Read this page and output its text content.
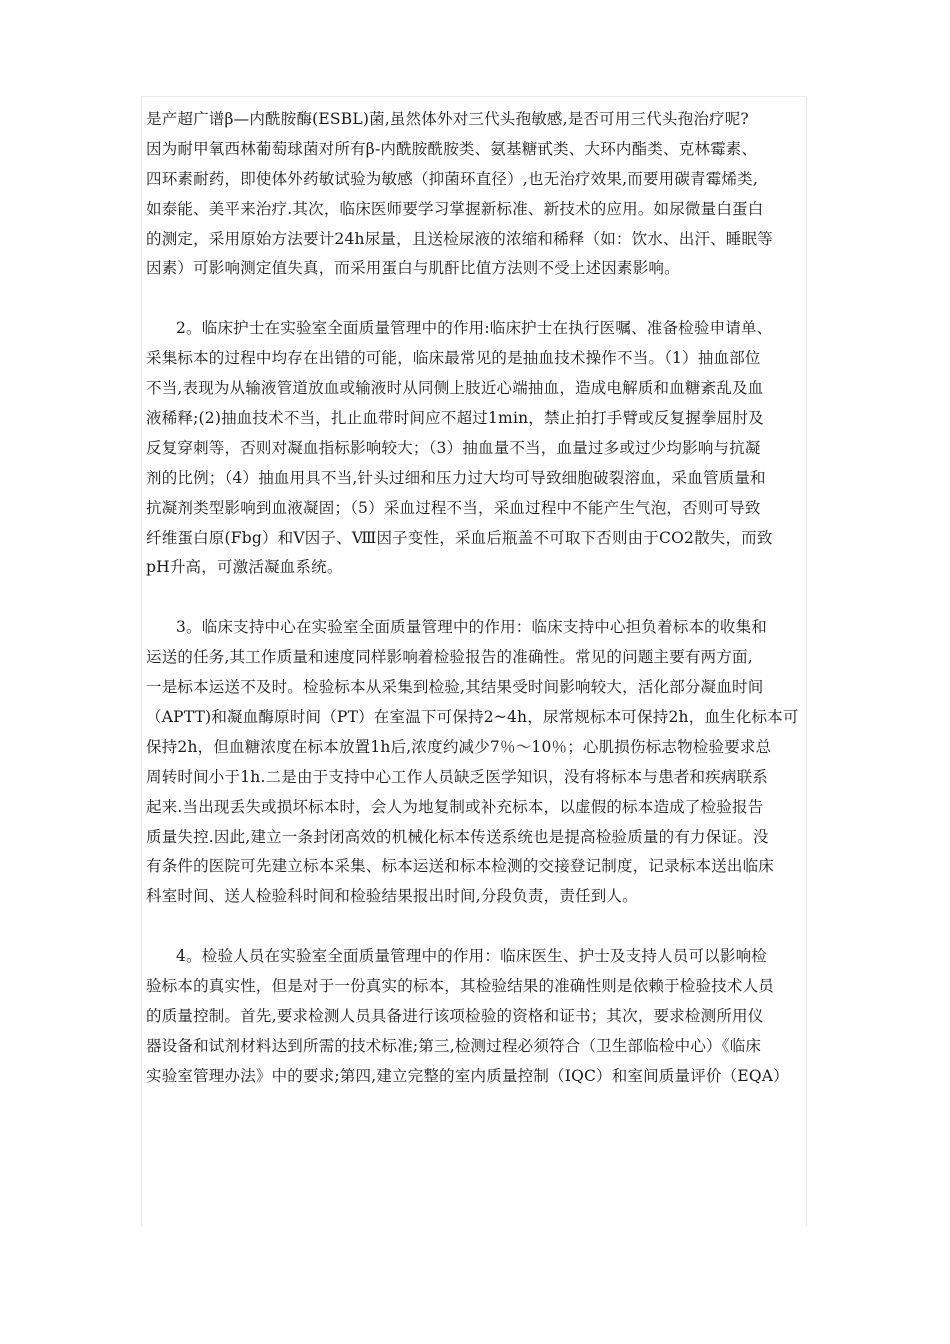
是产超广谱β—内酰胺酶(ESBL)菌,虽然体外对三代头孢敏感,是否可用三代头孢治疗呢?
因为耐甲氧西林葡萄球菌对所有β-内酰胺酰胺类、氨基糖甙类、大环内酯类、克林霉素、
四环素耐药，即使体外药敏试验为敏感（抑菌环直径）,也无治疗效果,而要用碳青霉烯类,
如泰能、美平来治疗.其次，临床医师要学习掌握新标准、新技术的应用。如尿微量白蛋白
的测定，采用原始方法要计24h尿量，且送检尿液的浓缩和稀释（如：饮水、出汗、睡眠等
因素）可影响测定值失真，而采用蛋白与肌酐比值方法则不受上述因素影响。
2。临床护士在实验室全面质量管理中的作用:临床护士在执行医嘱、准备检验申请单、
采集标本的过程中均存在出错的可能，临床最常见的是抽血技术操作不当。（1）抽血部位
不当,表现为从输液管道放血或输液时从同侧上肢近心端抽血，造成电解质和血糖紊乱及血
液稀释;(2)抽血技术不当，扎止血带时间应不超过1min，禁止拍打手臂或反复握拳屈肘及
反复穿刺等，否则对凝血指标影响较大；（3）抽血量不当，血量过多或过少均影响与抗凝
剂的比例；（4）抽血用具不当,针头过细和压力过大均可导致细胞破裂溶血，采血管质量和
抗凝剂类型影响到血液凝固；（5）采血过程不当，采血过程中不能产生气泡，否则可导致
纤维蛋白原(Fbg）和Ⅴ因子、Ⅷ因子变性，采血后瓶盖不可取下否则由于CO2散失，而致
pH升高，可激活凝血系统。
3。临床支持中心在实验室全面质量管理中的作用：临床支持中心担负着标本的收集和
运送的任务,其工作质量和速度同样影响着检验报告的准确性。常见的问题主要有两方面,
一是标本运送不及时。检验标本从采集到检验,其结果受时间影响较大，活化部分凝血时间
（APTT)和凝血酶原时间（PT）在室温下可保持2~4h，尿常规标本可保持2h，血生化标本可
保持2h，但血糖浓度在标本放置1h后,浓度约减少7％～10％；心肌损伤标志物检验要求总
周转时间小于1h.二是由于支持中心工作人员缺乏医学知识，没有将标本与患者和疾病联系
起来.当出现丢失或损坏标本时，会人为地复制或补充标本，以虚假的标本造成了检验报告
质量失控.因此,建立一条封闭高效的机械化标本传送系统也是提高检验质量的有力保证。没
有条件的医院可先建立标本采集、标本运送和标本检测的交接登记制度，记录标本送出临床
科室时间、送人检验科时间和检验结果报出时间,分段负责，责任到人。
4。检验人员在实验室全面质量管理中的作用：临床医生、护士及支持人员可以影响检
验标本的真实性，但是对于一份真实的标本，其检验结果的准确性则是依赖于检验技术人员
的质量控制。首先,要求检测人员具备进行该项检验的资格和证书；其次，要求检测所用仪
器设备和试剂材料达到所需的技术标准;第三,检测过程必须符合（卫生部临检中心）《临床
实验室管理办法》中的要求;第四,建立完整的室内质量控制（IQC）和室间质量评价（EQA）
